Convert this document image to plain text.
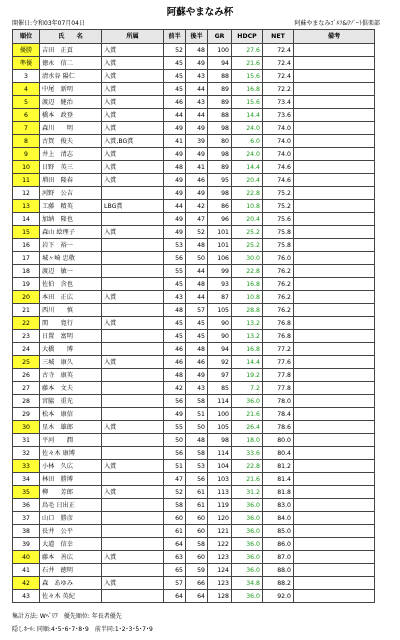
阿蘇やまなみ杯
開催日:令和03年07月04日	阿蘇やまなみｺﾞﾙﾌ&ﾘｿﾞｰﾄ倶楽部
順位	氏　　名	所属	前半	後半	GR	HDCP	NET	備考
優勝	吉田　正貢	入賞	52	48	100	27.6	72.4	
準優	徳永　信二	入賞	45	49	94	21.6	72.4	
3	清水谷 陽仁	入賞	45	43	88	15.6	72.4	
4	中尾　新明	入賞	45	44	89	16.8	72.2	
5	渡辺　健治	入賞	46	43	89	15.6	73.4	
6	橋本　政登	入賞	44	44	88	14.4	73.6	
7	森川　　明	入賞	49	49	98	24.0	74.0	
8	古賀　俊夫	入賞,BG賞	41	39	80	6.0	74.0	
9	井上　清志	入賞	49	49	98	24.0	74.0	
10	日野　英三	入賞	48	41	89	14.4	74.6	
11	増田　隆春	入賞	49	46	95	20.4	74.6	
12	河野　公吉		49	49	98	22.8	75.2	
13	工藤　精英	LBG賞	44	42	86	10.8	75.2	
14	加納　隆也		49	47	96	20.4	75.6	
15	森山 絵理子	入賞	49	52	101	25.2	75.8	
16	岩下　裕一		53	48	101	25.2	75.8	
17	城ヶ崎 忠敬		56	50	106	30.0	76.0	
18	渡辺　敏一		55	44	99	22.8	76.2	
19	佐伯　含也		45	48	93	16.8	76.2	
20	本田　正広	入賞	43	44	87	10.8	76.2	
21	西川　　慎		48	57	105	28.8	76.2	
22	関　　寛行	入賞	45	45	90	13.2	76.8	
23	日置　富明		45	45	90	13.2	76.8	
24	大橋　　博		46	48	94	16.8	77.2	
25	三城　康久	入賞	46	46	92	14.4	77.6	
26	古寺　康英		48	49	97	19.2	77.8	
27	藤本　文夫		42	43	85	7.2	77.8	
28	宮脇　重光		56	58	114	36.0	78.0	
29	松本　康信		49	51	100	21.6	78.4	
30	星木　雄郎	入賞	55	50	105	26.4	78.6	
31	平河　　潤		50	48	98	18.0	80.0	
32	佐々木 康博		56	58	114	33.6	80.4	
33	小林　久広	入賞	51	53	104	22.8	81.2	
34	林田　勝博		47	56	103	21.6	81.4	
35	柳　　芳郎	入賞	52	61	113	31.2	81.8	
36	鳥毛 日出正		58	61	119	36.0	83.0	
37	山口　勝彦		60	60	120	36.0	84.0	
38	長井　公平		61	60	121	36.0	85.0	
39	大道　信幸		64	58	122	36.0	86.0	
40	藤本　善広	入賞	63	60	123	36.0	87.0	
41	石井　徳明		65	59	124	36.0	88.0	
42	森　あゆみ	入賞	57	66	123	34.8	88.2	
43	佐々木 英紀		64	64	128	36.0	92.0	
集計方法: Wﾍﾟﾘｱ　優先順位: 年長者優先
隠しﾎｰﾙ: 同順:4･5･6･7･8･9　前半同:1･2･3･5･7･9
